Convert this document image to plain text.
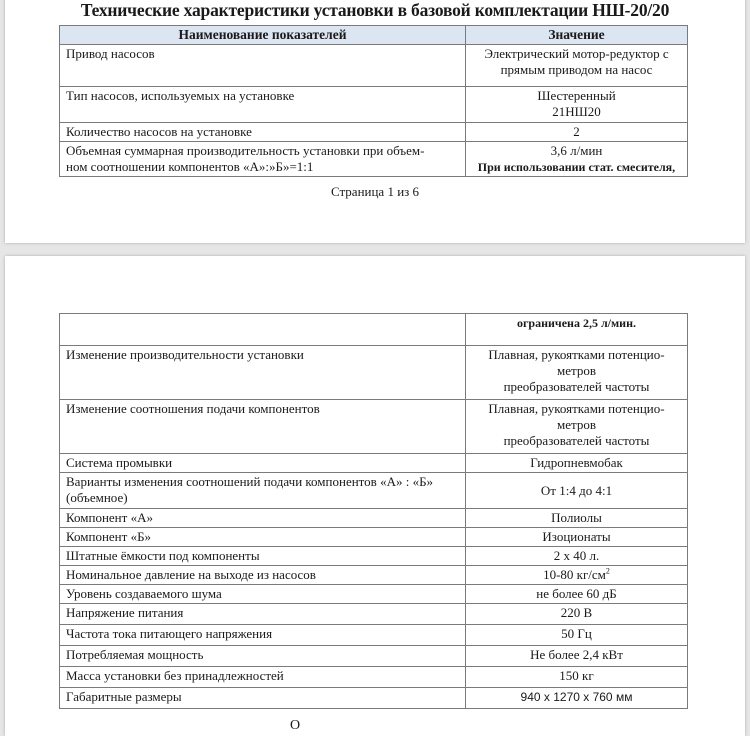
Технические характеристики установки в базовой комплектации НШ-20/20
Наименование показателей	Значение
Привод насосов	Электрический мотор-редуктор с
прямым приводом на насос
Тип насосов, используемых на установке	Шестеренный
21НШ20
Количество насосов на установке	2
Объемная суммарная производительность установки при объем-
ном соотношении компонентов «А»:»Б»=1:1	3,6 л/мин
При использовании стат. смесителя,
Страница 1 из 6
	ограничена 2,5 л/мин.
Изменение производительности установки	Плавная, рукоятками потенцио-
метров
преобразователей частоты
Изменение соотношения подачи компонентов	Плавная, рукоятками потенцио-
метров
преобразователей частоты
Система промывки	Гидропневмобак
Варианты изменения соотношений подачи компонентов «А» : «Б»
(объемное)	От 1:4 до 4:1
Компонент «А»	Полиолы
Компонент «Б»	Изоционаты
Штатные ёмкости под компоненты	2 х 40 л.
Номинальное давление на выходе из насосов	10-80 $кг/см^2$
Уровень создаваемого шума	не более 60 дБ
Напряжение питания	220 В
Частота тока питающего напряжения	50 Гц
Потребляемая мощность	Не более 2,4 кВт
Масса установки без принадлежностей	150 кг
Габаритные размеры	940 x 1270 x 760 мм
О
